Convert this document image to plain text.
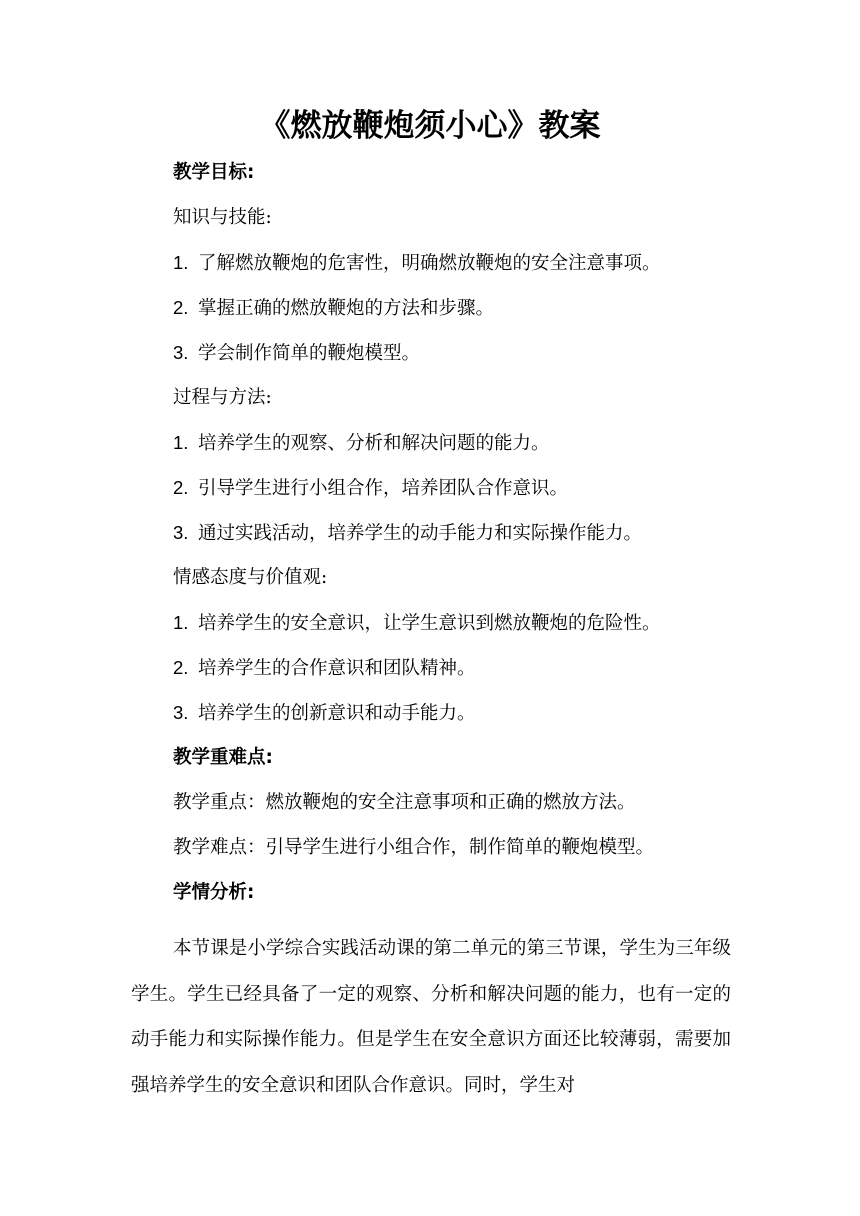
《燃放鞭炮须小心》教案
教学目标:
知识与技能:
1. 了解燃放鞭炮的危害性，明确燃放鞭炮的安全注意事项。
2. 掌握正确的燃放鞭炮的方法和步骤。
3. 学会制作简单的鞭炮模型。
过程与方法:
1. 培养学生的观察、分析和解决问题的能力。
2. 引导学生进行小组合作，培养团队合作意识。
3. 通过实践活动，培养学生的动手能力和实际操作能力。
情感态度与价值观:
1. 培养学生的安全意识，让学生意识到燃放鞭炮的危险性。
2. 培养学生的合作意识和团队精神。
3. 培养学生的创新意识和动手能力。
教学重难点:
教学重点：燃放鞭炮的安全注意事项和正确的燃放方法。
教学难点：引导学生进行小组合作，制作简单的鞭炮模型。
学情分析:
本节课是小学综合实践活动课的第二单元的第三节课，学生为三年级学生。学生已经具备了一定的观察、分析和解决问题的能力，也有一定的动手能力和实际操作能力。但是学生在安全意识方面还比较薄弱，需要加强培养学生的安全意识和团队合作意识。同时，学生对
